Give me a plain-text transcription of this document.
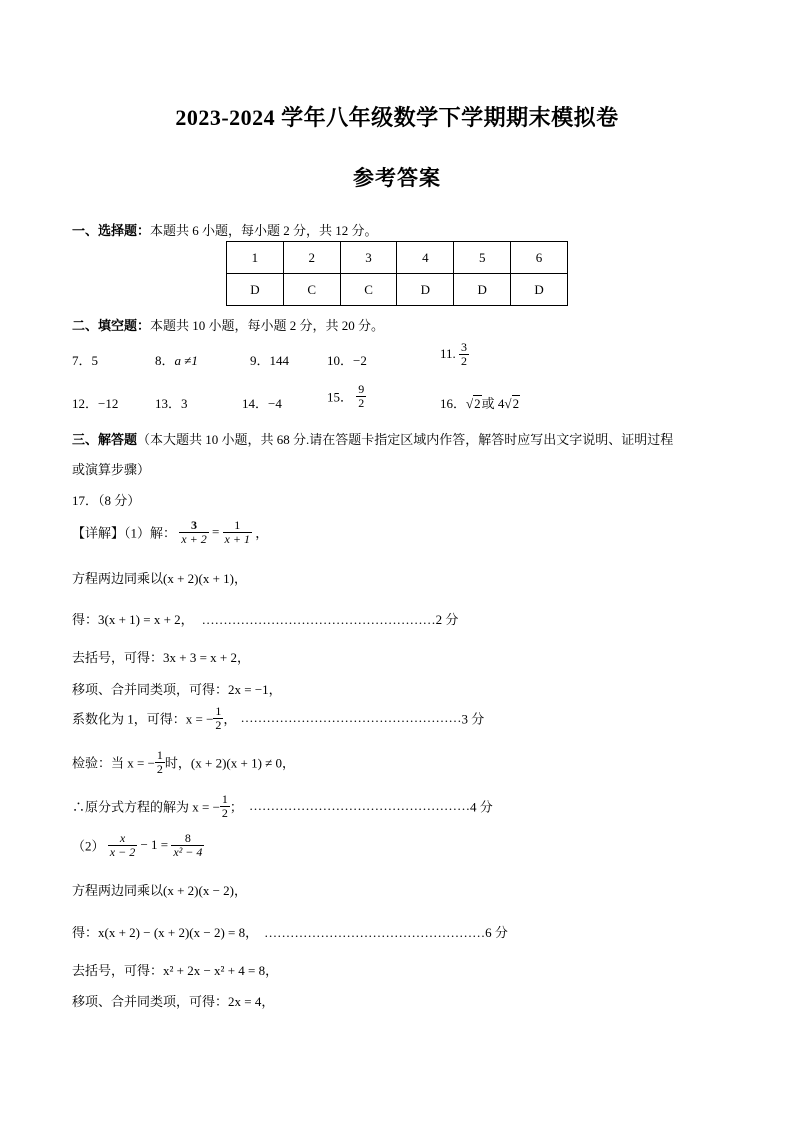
2023-2024 学年八年级数学下学期期末模拟卷
参考答案
一、选择题：本题共 6 小题，每小题 2 分，共 12 分。
1	2	3	4	5	6
D	C	C	D	D	D
二、填空题：本题共 10 小题，每小题 2 分，共 20 分。
7．5	8．a ≠1	9．144	10．−2	11. $\frac{3}{2}$
12．−12	13．3	14．−4	15． $\frac{9}{2}$	16．√2或 4√2
三、解答题（本大题共 10 小题，共 68 分.请在答题卡指定区域内作答，解答时应写出文字说明、证明过程
或演算步骤）
17．（8 分）
【详解】（1）解： $\frac{3}{x + 2} = \frac{1}{x + 1}$ ，
方程两边同乘以(x + 2)(x + 1)，
得：3(x + 1) = x + 2， ………………………………………………2 分
去括号，可得：3x + 3 = x + 2，
移项、合并同类项，可得：2x = −1，
系数化为 1，可得：x = − $\frac{1}{2}$ ， ……………………………………………3 分
检验：当 x = − $\frac{1}{2}$ 时，(x + 2)(x + 1) ≠ 0，
∴原分式方程的解为 x = − $\frac{1}{2}$ ； ……………………………………………4 分
$(2) \frac{x}{x - 2} - 1 = \frac{8}{\text{x² − 4}}$
方程两边同乘以(x + 2)(x − 2)，
得：x(x + 2) − (x + 2)(x − 2) = 8， ……………………………………………6 分
去括号，可得：x² + 2x − x² + 4 = 8，
移项、合并同类项，可得：2x = 4，
